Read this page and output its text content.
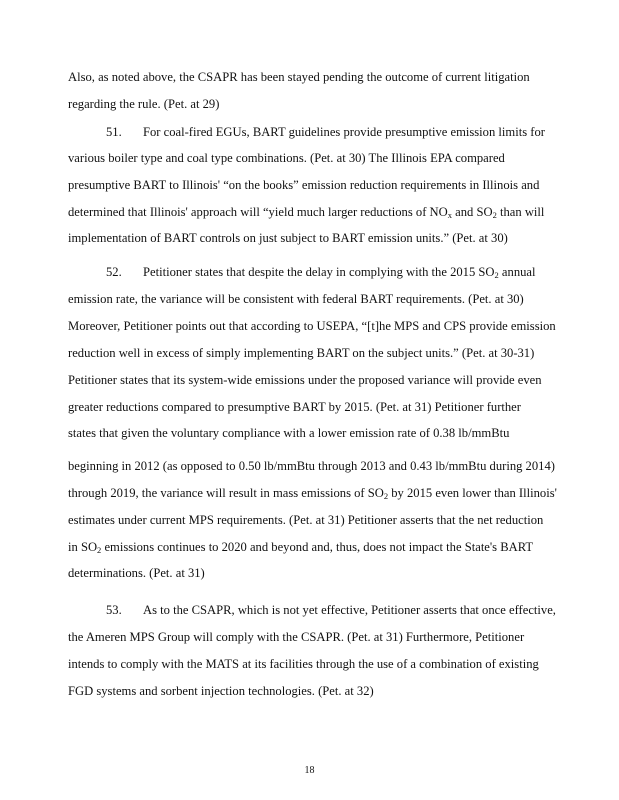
Also, as noted above, the CSAPR has been stayed pending the outcome of current litigation
regarding the rule. (Pet. at 29)
51. For coal-fired EGUs, BART guidelines provide presumptive emission limits for
various boiler type and coal type combinations. (Pet. at 30) The Illinois EPA compared
presumptive BART to Illinois' “on the books” emission reduction requirements in Illinois and
determined that Illinois' approach will “yield much larger reductions of $NO_x$ and $SO_2$ than will
implementation of BART controls on just subject to BART emission units.” (Pet. at 30)
52. Petitioner states that despite the delay in complying with the 2015 $SO_2$ annual
emission rate, the variance will be consistent with federal BART requirements. (Pet. at 30)
Moreover, Petitioner points out that according to USEPA, “[t]he MPS and CPS provide emission
reduction well in excess of simply implementing BART on the subject units.” (Pet. at 30-31)
Petitioner states that its system-wide emissions under the proposed variance will provide even
greater reductions compared to presumptive BART by 2015. (Pet. at 31) Petitioner further
states that given the voluntary compliance with a lower emission rate of 0.38 lb/mmBtu
beginning in 2012 (as opposed to 0.50 lb/mmBtu through 2013 and 0.43 lb/mmBtu during 2014)
through 2019, the variance will result in mass emissions of $SO_2$ by 2015 even lower than Illinois'
estimates under current MPS requirements. (Pet. at 31) Petitioner asserts that the net reduction
in $SO_2$ emissions continues to 2020 and beyond and, thus, does not impact the State's BART
determinations. (Pet. at 31)
53. As to the CSAPR, which is not yet effective, Petitioner asserts that once effective,
the Ameren MPS Group will comply with the CSAPR. (Pet. at 31) Furthermore, Petitioner
intends to comply with the MATS at its facilities through the use of a combination of existing
FGD systems and sorbent injection technologies. (Pet. at 32)
18
